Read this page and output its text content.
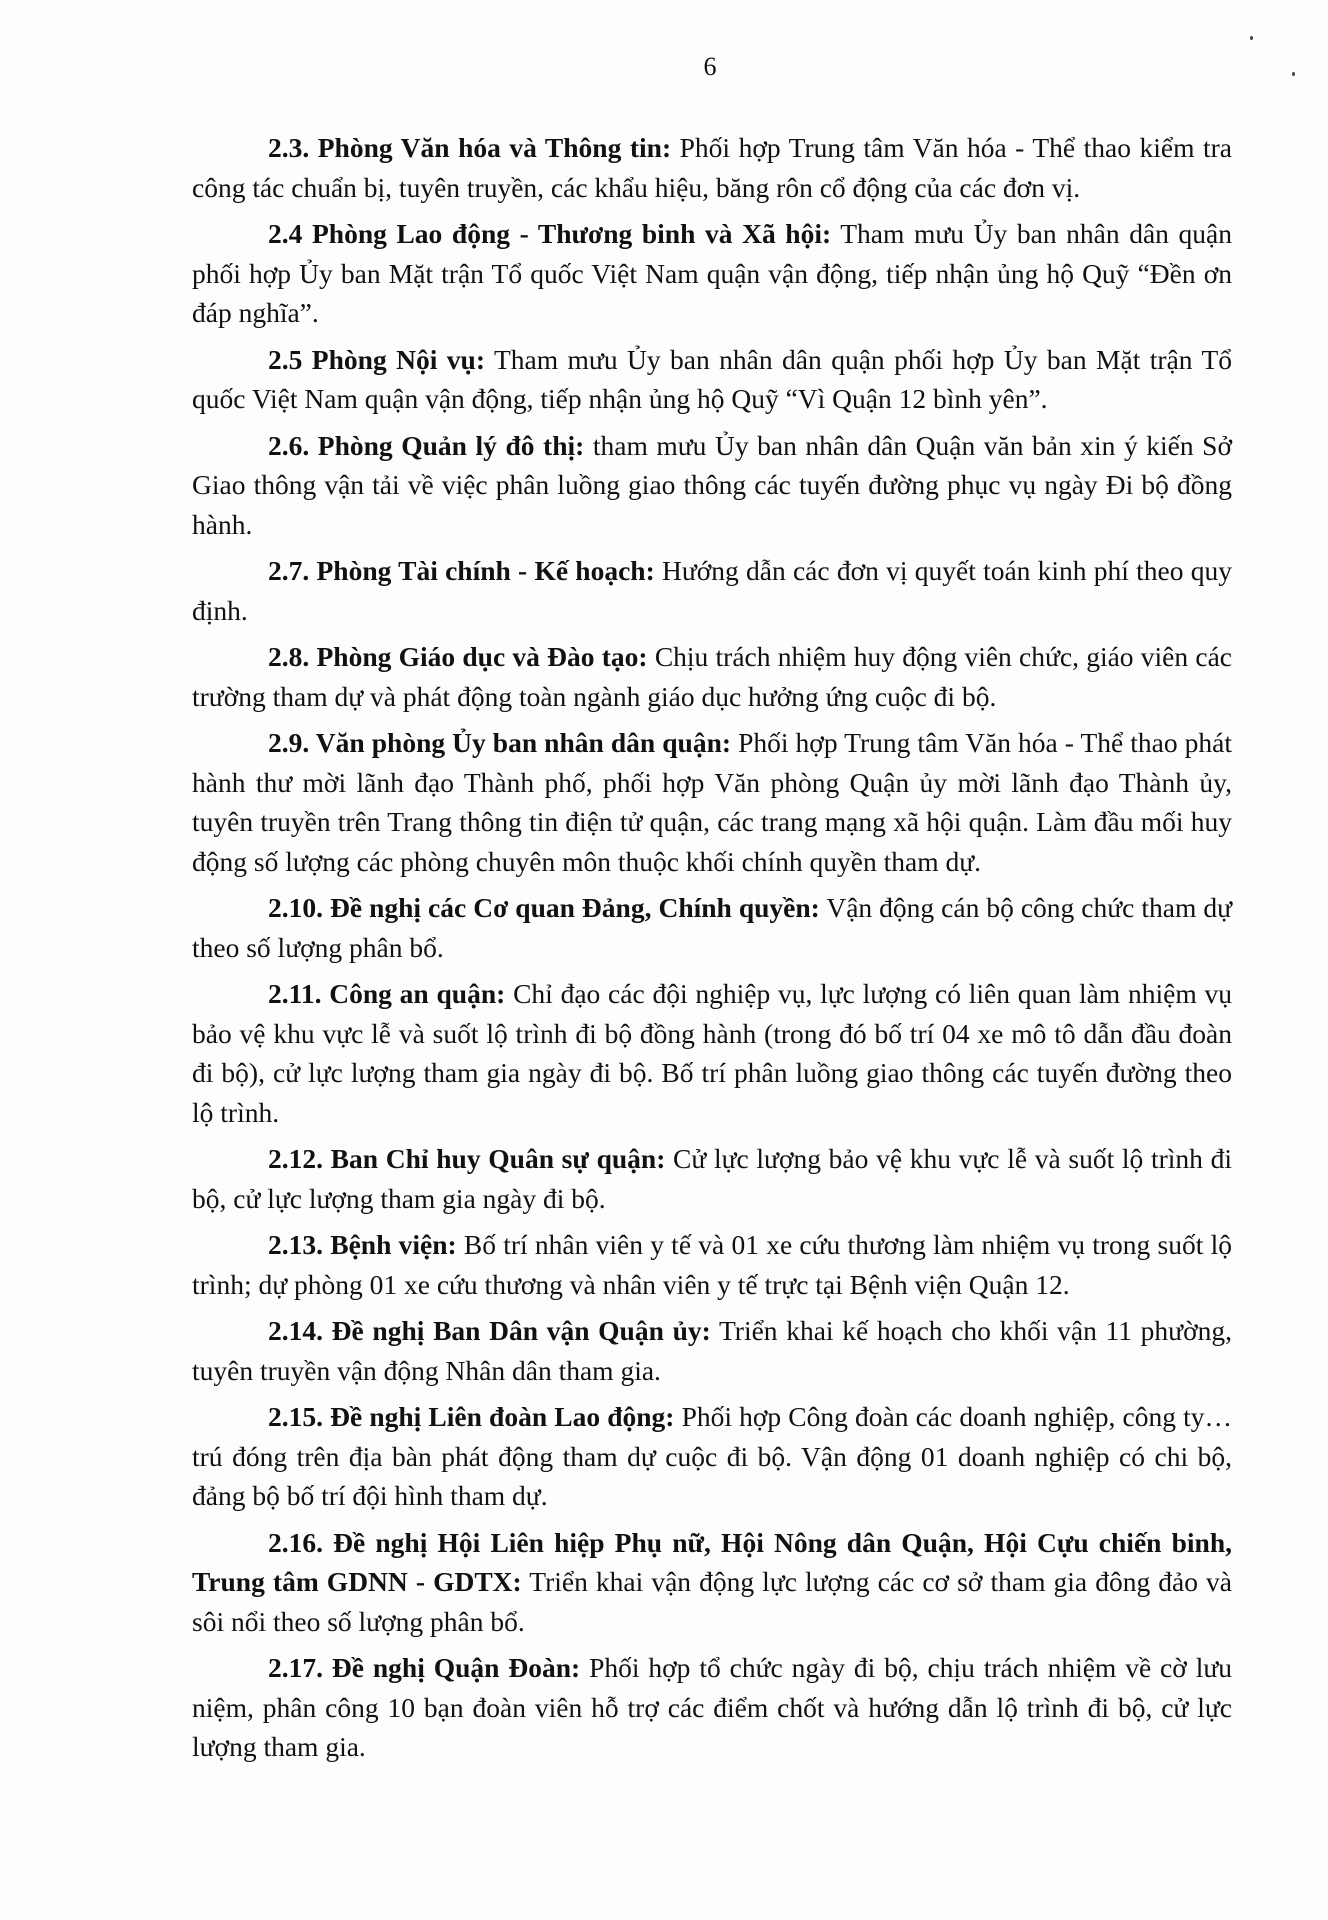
6

2.3. Phòng Văn hóa và Thông tin: Phối hợp Trung tâm Văn hóa - Thể thao kiểm tra công tác chuẩn bị, tuyên truyền, các khẩu hiệu, băng rôn cổ động của các đơn vị.

2.4 Phòng Lao động - Thương binh và Xã hội: Tham mưu Ủy ban nhân dân quận phối hợp Ủy ban Mặt trận Tổ quốc Việt Nam quận vận động, tiếp nhận ủng hộ Quỹ “Đền ơn đáp nghĩa”.

2.5 Phòng Nội vụ: Tham mưu Ủy ban nhân dân quận phối hợp Ủy ban Mặt trận Tổ quốc Việt Nam quận vận động, tiếp nhận ủng hộ Quỹ “Vì Quận 12 bình yên”.

2.6. Phòng Quản lý đô thị: tham mưu Ủy ban nhân dân Quận văn bản xin ý kiến Sở Giao thông vận tải về việc phân luồng giao thông các tuyến đường phục vụ ngày Đi bộ đồng hành.

2.7. Phòng Tài chính - Kế hoạch: Hướng dẫn các đơn vị quyết toán kinh phí theo quy định.

2.8. Phòng Giáo dục và Đào tạo: Chịu trách nhiệm huy động viên chức, giáo viên các trường tham dự và phát động toàn ngành giáo dục hưởng ứng cuộc đi bộ.

2.9. Văn phòng Ủy ban nhân dân quận: Phối hợp Trung tâm Văn hóa - Thể thao phát hành thư mời lãnh đạo Thành phố, phối hợp Văn phòng Quận ủy mời lãnh đạo Thành ủy, tuyên truyền trên Trang thông tin điện tử quận, các trang mạng xã hội quận. Làm đầu mối huy động số lượng các phòng chuyên môn thuộc khối chính quyền tham dự.

2.10. Đề nghị các Cơ quan Đảng, Chính quyền: Vận động cán bộ công chức tham dự theo số lượng phân bổ.

2.11. Công an quận: Chỉ đạo các đội nghiệp vụ, lực lượng có liên quan làm nhiệm vụ bảo vệ khu vực lễ và suốt lộ trình đi bộ đồng hành (trong đó bố trí 04 xe mô tô dẫn đầu đoàn đi bộ), cử lực lượng tham gia ngày đi bộ. Bố trí phân luồng giao thông các tuyến đường theo lộ trình.

2.12. Ban Chỉ huy Quân sự quận: Cử lực lượng bảo vệ khu vực lễ và suốt lộ trình đi bộ, cử lực lượng tham gia ngày đi bộ.

2.13. Bệnh viện: Bố trí nhân viên y tế và 01 xe cứu thương làm nhiệm vụ trong suốt lộ trình; dự phòng 01 xe cứu thương và nhân viên y tế trực tại Bệnh viện Quận 12.

2.14. Đề nghị Ban Dân vận Quận ủy: Triển khai kế hoạch cho khối vận 11 phường, tuyên truyền vận động Nhân dân tham gia.

2.15. Đề nghị Liên đoàn Lao động: Phối hợp Công đoàn các doanh nghiệp, công ty… trú đóng trên địa bàn phát động tham dự cuộc đi bộ. Vận động 01 doanh nghiệp có chi bộ, đảng bộ bố trí đội hình tham dự.

2.16. Đề nghị Hội Liên hiệp Phụ nữ, Hội Nông dân Quận, Hội Cựu chiến binh, Trung tâm GDNN - GDTX: Triển khai vận động lực lượng các cơ sở tham gia đông đảo và sôi nổi theo số lượng phân bổ.

2.17. Đề nghị Quận Đoàn: Phối hợp tổ chức ngày đi bộ, chịu trách nhiệm về cờ lưu niệm, phân công 10 bạn đoàn viên hỗ trợ các điểm chốt và hướng dẫn lộ trình đi bộ, cử lực lượng tham gia.
